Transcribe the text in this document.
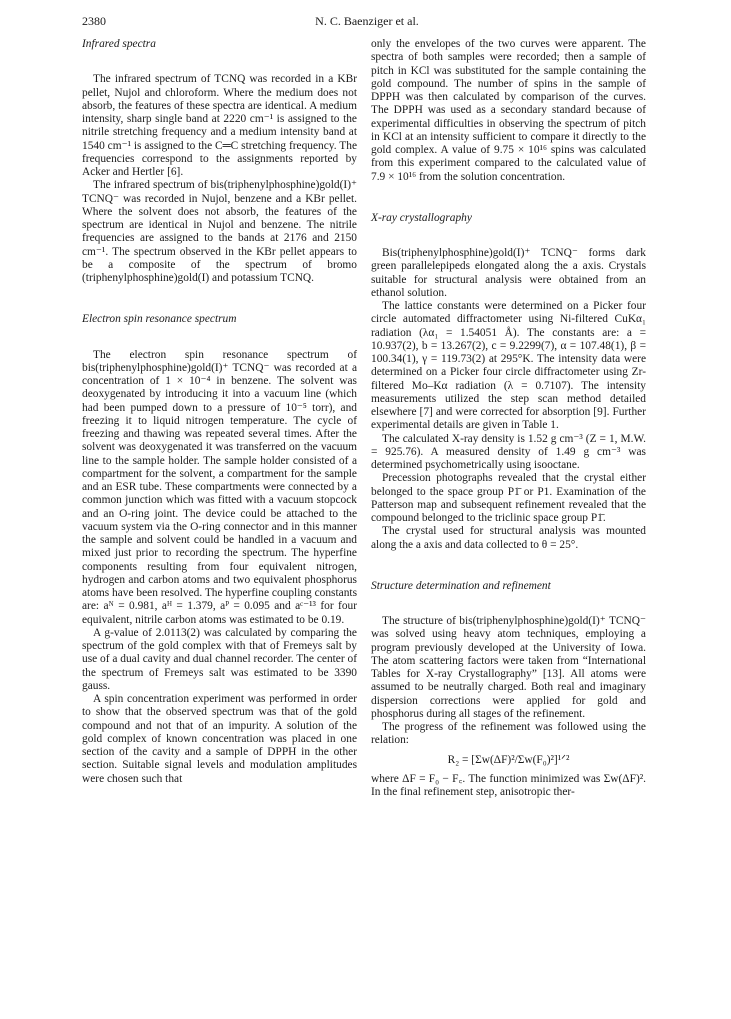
2380	N. C. Baenziger et al.
Infrared spectra

The infrared spectrum of TCNQ was recorded in a KBr pellet, Nujol and chloroform. Where the medium does not absorb, the features of these spectra are identical. A medium intensity, sharp single band at 2220 cm⁻¹ is assigned to the nitrile stretching frequency and a medium intensity band at 1540 cm⁻¹ is assigned to the C═C stretching frequency. The frequencies correspond to the assignments reported by Acker and Hertler [6].

The infrared spectrum of bis(triphenylphosphine)gold(I)⁺ TCNQ⁻ was recorded in Nujol, benzene and a KBr pellet. Where the solvent does not absorb, the features of the spectrum are identical in Nujol and benzene. The nitrile frequencies are assigned to the bands at 2176 and 2150 cm⁻¹. The spectrum observed in the KBr pellet appears to be a composite of the spectrum of bromo (triphenylphosphine)gold(I) and potassium TCNQ.

Electron spin resonance spectrum

The electron spin resonance spectrum of bis(triphenylphosphine)gold(I)⁺ TCNQ⁻ was recorded at a concentration of 1 × 10⁻⁴ in benzene. The solvent was deoxygenated by introducing it into a vacuum line (which had been pumped down to a pressure of 10⁻⁵ torr), and freezing it to liquid nitrogen temperature. The cycle of freezing and thawing was repeated several times. After the solvent was deoxygenated it was transferred on the vacuum line to the sample holder. The sample holder consisted of a compartment for the solvent, a compartment for the sample and an ESR tube. These compartments were connected by a common junction which was fitted with a vacuum stopcock and an O-ring joint. The device could be attached to the vacuum system via the O-ring connector and in this manner the sample and solvent could be handled in a vacuum and mixed just prior to recording the spectrum. The hyperfine components resulting from four equivalent nitrogen, hydrogen and carbon atoms and two equivalent phosphorus atoms have been resolved. The hyperfine coupling constants are: aᴺ = 0.981, aᴴ = 1.379, aᴾ = 0.095 and aᶜ⁻¹³ for four equivalent, nitrile carbon atoms was estimated to be 0.19.

A g-value of 2.0113(2) was calculated by comparing the spectrum of the gold complex with that of Fremeys salt by use of a dual cavity and dual channel recorder. The center of the spectrum of Fremeys salt was estimated to be 3390 gauss.

A spin concentration experiment was performed in order to show that the observed spectrum was that of the gold compound and not that of an impurity. A solution of the gold complex of known concentration was placed in one section of the cavity and a sample of DPPH in the other section. Suitable signal levels and modulation amplitudes were chosen such that

only the envelopes of the two curves were apparent. The spectra of both samples were recorded; then a sample of pitch in KCl was substituted for the sample containing the gold compound. The number of spins in the sample of DPPH was then calculated by comparison of the curves. The DPPH was used as a secondary standard because of experimental difficulties in observing the spectrum of pitch in KCl at an intensity sufficient to compare it directly to the gold complex. A value of 9.75 × 10¹⁶ spins was calculated from this experiment compared to the calculated value of 7.9 × 10¹⁶ from the solution concentration.

X-ray crystallography

Bis(triphenylphosphine)gold(I)⁺ TCNQ⁻ forms dark green parallelepipeds elongated along the a axis. Crystals suitable for structural analysis were obtained from an ethanol solution.

The lattice constants were determined on a Picker four circle automated diffractometer using Ni-filtered CuKα₁ radiation (λα₁ = 1.54051 Å). The constants are: a = 10.937(2), b = 13.267(2), c = 9.2299(7), α = 107.48(1), β = 100.34(1), γ = 119.73(2) at 295°K. The intensity data were determined on a Picker four circle diffractometer using Zr-filtered Mo–Kα radiation (λ = 0.7107). The intensity measurements utilized the step scan method detailed elsewhere [7] and were corrected for absorption [9]. Further experimental details are given in Table 1.

The calculated X-ray density is 1.52 g cm⁻³ (Z = 1, M.W. = 925.76). A measured density of 1.49 g cm⁻³ was determined psychometrically using isooctane.

Precession photographs revealed that the crystal either belonged to the space group P1̄ or P1. Examination of the Patterson map and subsequent refinement revealed that the compound belonged to the triclinic space group P1̄.

The crystal used for structural analysis was mounted along the a axis and data collected to θ = 25°.

Structure determination and refinement

The structure of bis(triphenylphosphine)gold(I)⁺ TCNQ⁻ was solved using heavy atom techniques, employing a program previously developed at the University of Iowa. The atom scattering factors were taken from “International Tables for X-ray Crystallography” [13]. All atoms were assumed to be neutrally charged. Both real and imaginary dispersion corrections were applied for gold and phosphorus during all stages of the refinement.

The progress of the refinement was followed using the relation:

R₂ = [Σw(ΔF)²/Σw(F₀)²]¹ᐟ²

where ΔF = F₀ − F꜀. The function minimized was Σw(ΔF)². In the final refinement step, anisotropic ther-
